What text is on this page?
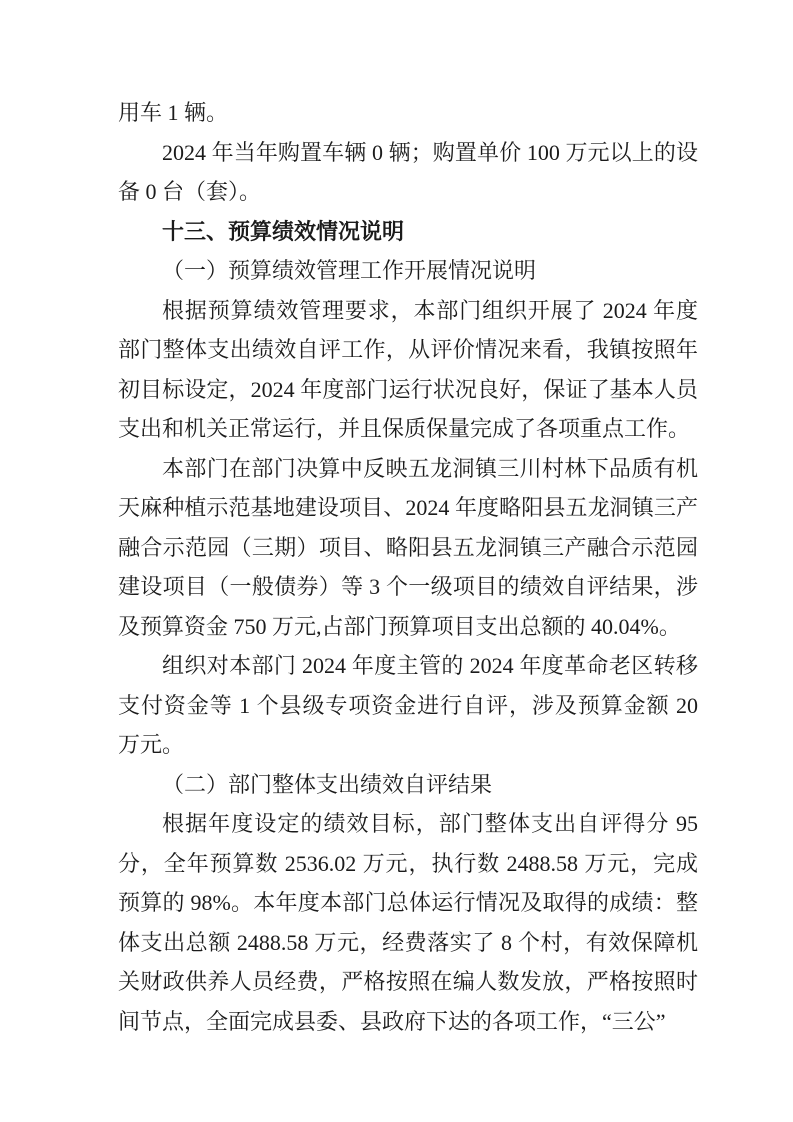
用车 1 辆。

2024 年当年购置车辆 0 辆；购置单价 100 万元以上的设备 0 台（套）。

十三、预算绩效情况说明

（一）预算绩效管理工作开展情况说明

根据预算绩效管理要求，本部门组织开展了 2024 年度部门整体支出绩效自评工作，从评价情况来看，我镇按照年初目标设定，2024 年度部门运行状况良好，保证了基本人员支出和机关正常运行，并且保质保量完成了各项重点工作。

本部门在部门决算中反映五龙洞镇三川村林下品质有机天麻种植示范基地建设项目、2024 年度略阳县五龙洞镇三产融合示范园（三期）项目、略阳县五龙洞镇三产融合示范园建设项目（一般债券）等 3 个一级项目的绩效自评结果，涉及预算资金 750 万元,占部门预算项目支出总额的 40.04%。

组织对本部门 2024 年度主管的 2024 年度革命老区转移支付资金等 1 个县级专项资金进行自评，涉及预算金额 20 万元。

（二）部门整体支出绩效自评结果

根据年度设定的绩效目标，部门整体支出自评得分 95 分，全年预算数 2536.02 万元，执行数 2488.58 万元，完成预算的 98%。本年度本部门总体运行情况及取得的成绩：整体支出总额 2488.58 万元，经费落实了 8 个村，有效保障机关财政供养人员经费，严格按照在编人数发放，严格按照时间节点，全面完成县委、县政府下达的各项工作，“三公”
